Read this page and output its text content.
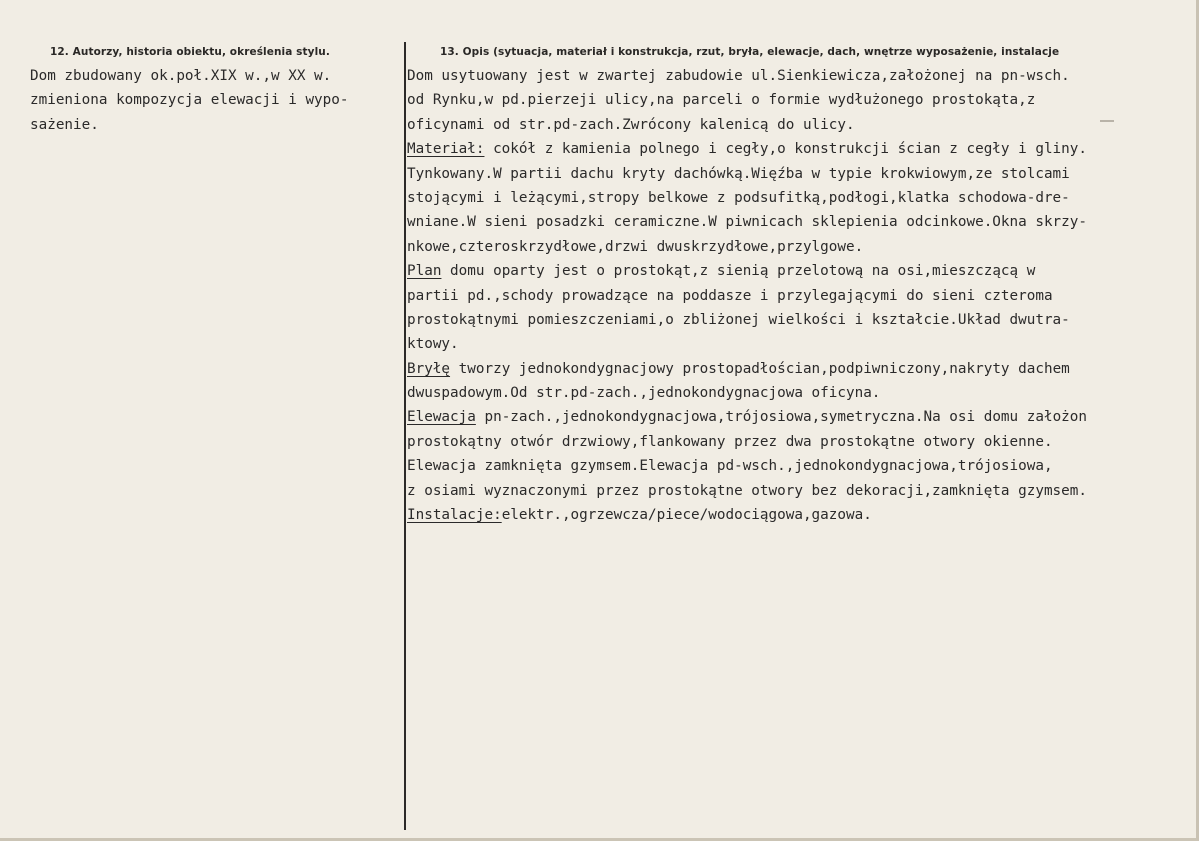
12. Autorzy, historia obiektu, określenia stylu.	13. Opis (sytuacja, materiał i konstrukcja, rzut, bryła, elewacje, dach, wnętrze wyposażenie, instalacje
Dom zbudowany ok.poł.XIX w.,w XX w.
zmieniona kompozycja elewacji i wypo-
sażenie.
Dom usytuowany jest w zwartej zabudowie ul.Sienkiewicza,założonej na pn-wsch.
od Rynku,w pd.pierzeji ulicy,na parceli o formie wydłużonego prostokąta,z
oficynami od str.pd-zach.Zwrócony kalenicą do ulicy.
Materiał: cokół z kamienia polnego i cegły,o konstrukcji ścian z cegły i gliny.
Tynkowany.W partii dachu kryty dachówką.Więźba w typie krokwiowym,ze stolcami
stojącymi i leżącymi,stropy belkowe z podsufitką,podłogi,klatka schodowa-dre-
wniane.W sieni posadzki ceramiczne.W piwnicach sklepienia odcinkowe.Okna skrzy-
nkowe,czteroskrzydłowe,drzwi dwuskrzydłowe,przylgowe.
Plan domu oparty jest o prostokąt,z sienią przelotową na osi,mieszczącą w
partii pd.,schody prowadzące na poddasze i przylegającymi do sieni czteroma
prostokątnymi pomieszczeniami,o zbliżonej wielkości i kształcie.Układ dwutra-
ktowy.
Bryłę tworzy jednokondygnacjowy prostopadłościan,podpiwniczony,nakryty dachem
dwuspadowym.Od str.pd-zach.,jednokondygnacjowa oficyna.
Elewacja pn-zach.,jednokondygnacjowa,trójosiowa,symetryczna.Na osi domu założon
prostokątny otwór drzwiowy,flankowany przez dwa prostokątne otwory okienne.
Elewacja zamknięta gzymsem.Elewacja pd-wsch.,jednokondygnacjowa,trójosiowa,
z osiami wyznaczonymi przez prostokątne otwory bez dekoracji,zamknięta gzymsem.
Instalacje:elektr.,ogrzewcza/piece/wodociągowa,gazowa.
